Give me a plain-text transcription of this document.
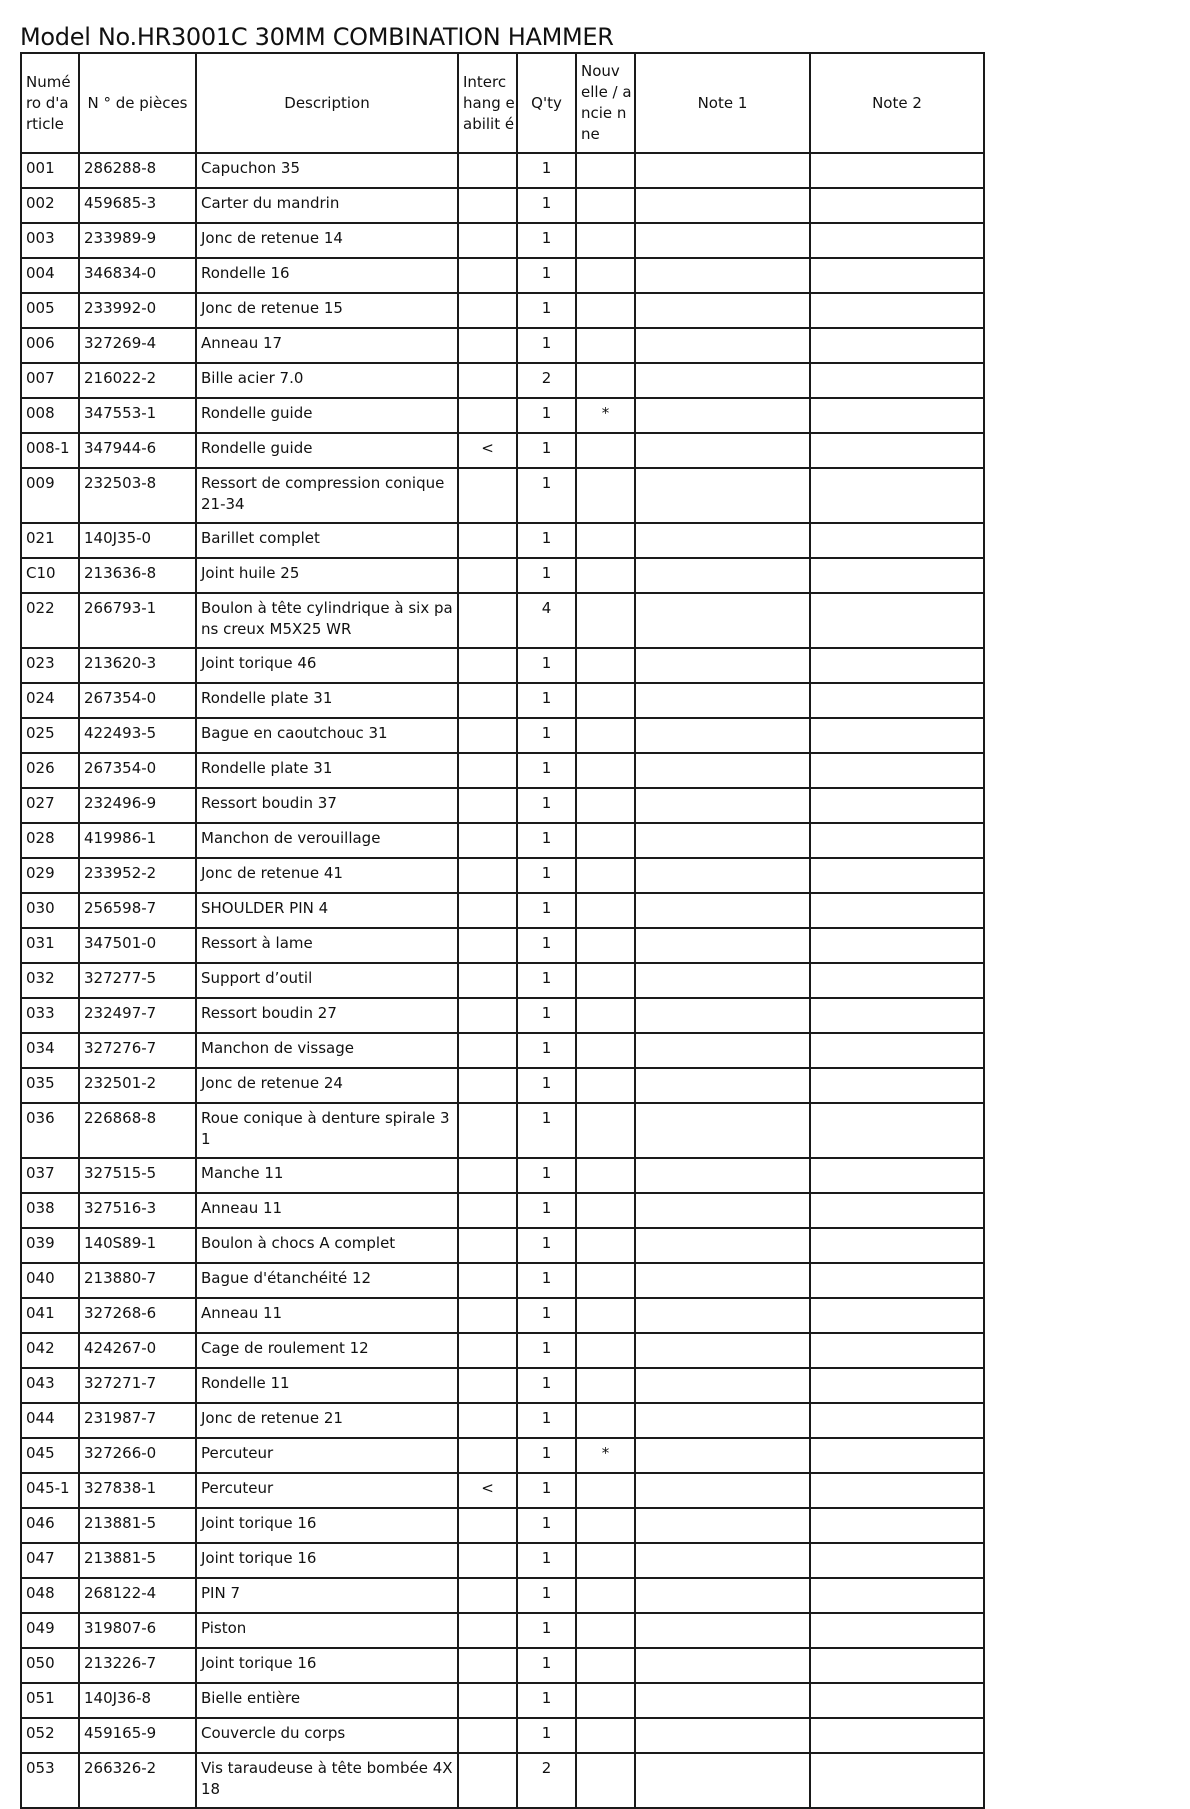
Model No.HR3001C 30MM COMBINATION HAMMER
Numé ro d'a rticle	N ° de pièces	Description	Interc hang eabilit é	Q'ty	Nouv elle / ancie nne	Note 1	Note 2
001	286288-8	Capuchon 35		1			
002	459685-3	Carter du mandrin		1			
003	233989-9	Jonc de retenue 14		1			
004	346834-0	Rondelle 16		1			
005	233992-0	Jonc de retenue 15		1			
006	327269-4	Anneau 17		1			
007	216022-2	Bille acier 7.0		2			
008	347553-1	Rondelle guide		1	*		
008-1	347944-6	Rondelle guide	<	1			
009	232503-8	Ressort de compression conique 21-34		1			
021	140J35-0	Barillet complet		1			
C10	213636-8	Joint huile 25		1			
022	266793-1	Boulon à tête cylindrique à six pans creux M5X25 WR		4			
023	213620-3	Joint torique 46		1			
024	267354-0	Rondelle plate 31		1			
025	422493-5	Bague en caoutchouc 31		1			
026	267354-0	Rondelle plate 31		1			
027	232496-9	Ressort boudin 37		1			
028	419986-1	Manchon de verouillage		1			
029	233952-2	Jonc de retenue 41		1			
030	256598-7	SHOULDER PIN 4		1			
031	347501-0	Ressort à lame		1			
032	327277-5	Support d’outil		1			
033	232497-7	Ressort boudin 27		1			
034	327276-7	Manchon de vissage		1			
035	232501-2	Jonc de retenue 24		1			
036	226868-8	Roue conique à denture spirale 31		1			
037	327515-5	Manche 11		1			
038	327516-3	Anneau 11		1			
039	140S89-1	Boulon à chocs A complet		1			
040	213880-7	Bague d'étanchéité 12		1			
041	327268-6	Anneau 11		1			
042	424267-0	Cage de roulement 12		1			
043	327271-7	Rondelle 11		1			
044	231987-7	Jonc de retenue 21		1			
045	327266-0	Percuteur		1	*		
045-1	327838-1	Percuteur	<	1			
046	213881-5	Joint torique 16		1			
047	213881-5	Joint torique 16		1			
048	268122-4	PIN 7		1			
049	319807-6	Piston		1			
050	213226-7	Joint torique 16		1			
051	140J36-8	Bielle entière		1			
052	459165-9	Couvercle du corps		1			
053	266326-2	Vis taraudeuse à tête bombée 4X18		2			
